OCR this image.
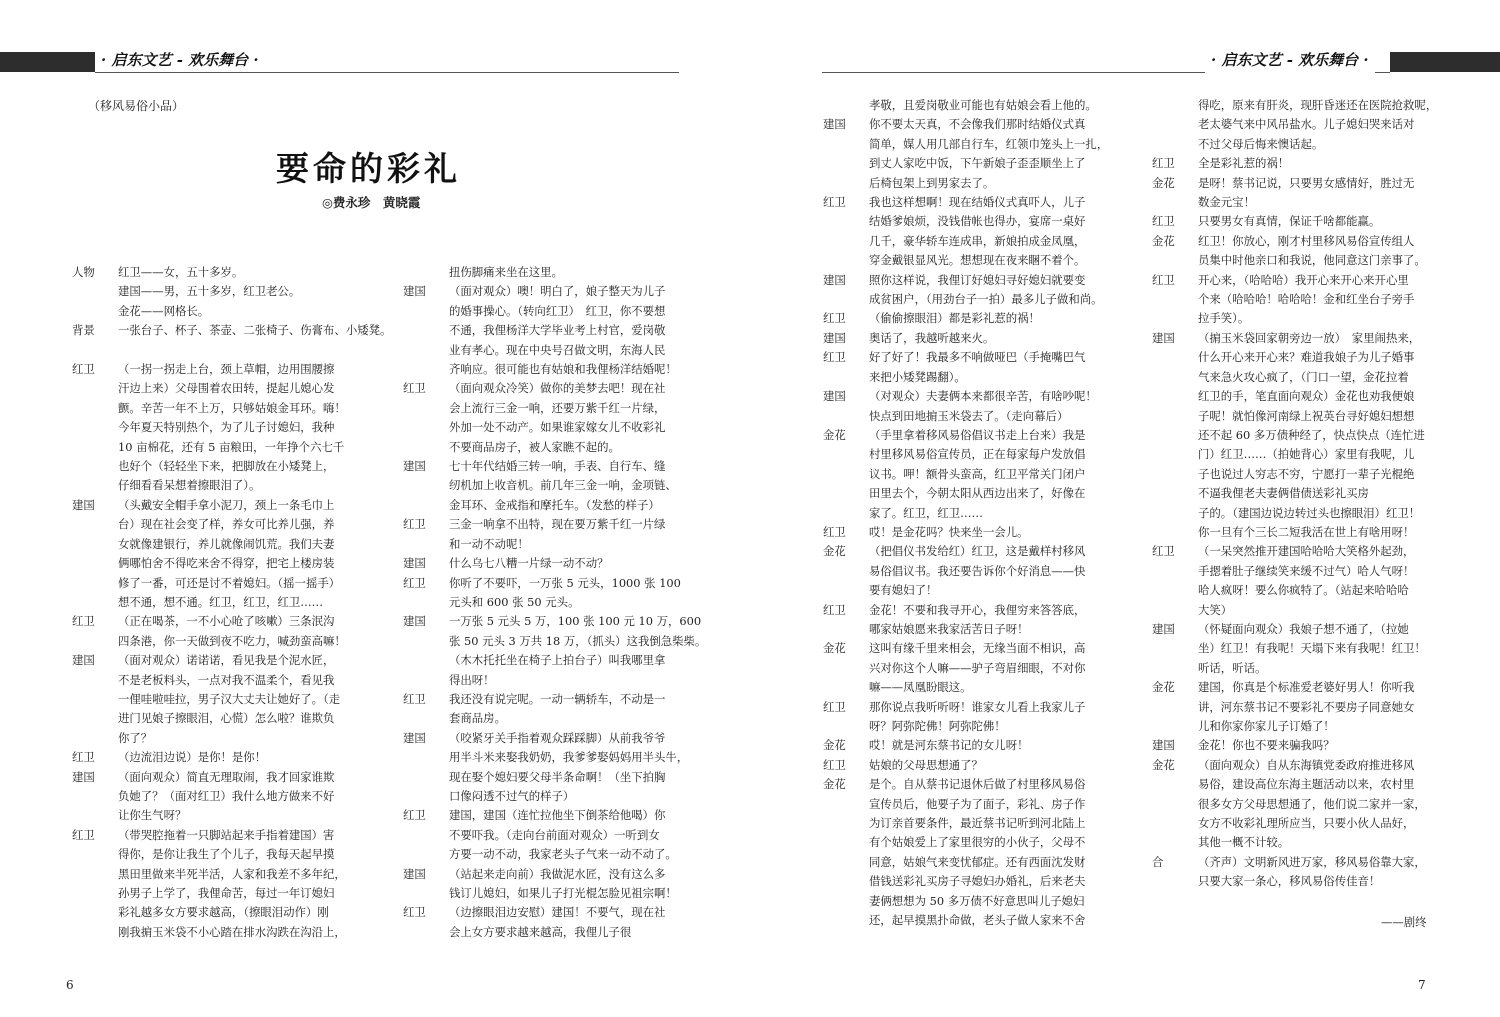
· 启东文艺 - 欢乐舞台 ·
（移风易俗小品）
要命的彩礼
◎费永珍　黄晓霞
人物	红卫——女，五十多岁。
建国——男，五十多岁，红卫老公。
金花——网格长。
背景	一张台子、杯子、茶壶、二张椅子、伤膏布、小矮凳。

红卫	（一拐一拐走上台，颈上草帽，边用围腰擦
汗边上来）父母围着农田转，提起儿媳心发
颤。辛苦一年不上万，只够姑娘金耳环。嗨！
今年夏天特别热个，为了儿子讨媳妇，我种
10 亩棉花，还有 5 亩粮田，一年挣个六七千
也好个（轻轻坐下来，把脚放在小矮凳上，
仔细看看呆想着擦眼泪了）。
建国	（头戴安全帽手拿小泥刀，颈上一条毛巾上
台）现在社会变了样，养女可比养儿强，养
女就像建银行，养儿就像闹饥荒。我们夫妻
俩哪怕舍不得吃来舍不得穿，把宅上楼房装
修了一番，可还是讨不着媳妇。（摇一摇手）
想不通，想不通。红卫，红卫，红卫……
红卫	（正在喝茶，一不小心呛了咳嗽）三条泯沟
四条港，你一天做到夜不吃力，喊劲蛮高嘛！
建国	（面对观众）诺诺诺，看见我是个泥水匠，
不是老板料头，一点对我不温柔个，看见我
一俚哇啦哇拉，男子汉大丈夫让她好了。（走
进门见娘子擦眼泪，心慌）怎么啦？谁欺负
你了？
红卫	（边流泪边说）是你！是你！
建国	（面向观众）简直无理取闹，我才回家谁欺
负她了？（面对红卫）我什么地方做来不好
让你生气呀？
红卫	（带哭腔拖着一只脚站起来手指着建国）害
得你，是你让我生了个儿子，我每天起早摸
黑田里做来半死半活，人家和我差不多年纪，
孙男子上学了，我俚命苦，每过一年订媳妇
彩礼越多女方要求越高，（擦眼泪动作）刚
刚我掮玉米袋不小心踏在排水沟跌在沟沿上，
扭伤脚痛来坐在这里。
建国	（面对观众）噢！明白了，娘子整天为儿子
的婚事操心。（转向红卫）　红卫，你不要想
不通，我俚杨洋大学毕业考上村官，爱岗敬
业有孝心。现在中央号召做文明，东海人民
齐响应。很可能也有姑娘和我俚杨洋结婚呢！
红卫	（面向观众冷笑）做你的美梦去吧！现在社
会上流行三金一响，还要万紫千红一片绿，
外加一处不动产。如果谁家嫁女儿不收彩礼
不要商品房子，被人家瞧不起的。
建国	七十年代结婚三转一响，手表、自行车、缝
纫机加上收音机。前几年三金一响，金项链、
金耳环、金戒指和摩托车。（发愁的样子）
红卫	三金一响拿不出特，现在要万紫千红一片绿
和一动不动呢！
建国	什么乌七八糟一片绿一动不动？
红卫	你听了不要吓，一万张 5 元头，1000 张 100
元头和 600 张 50 元头。
建国	一万张 5 元头 5 万，100 张 100 元 10 万，600
张 50 元头 3 万共 18 万，（抓头）这我倒急柴柴。
（木木托托坐在椅子上拍台子）叫我哪里拿
得出呀！
红卫	我还没有说完呢。一动一辆轿车，不动是一
套商品房。
建国	（咬紧牙关手指着观众踩踩脚）从前我爷爷
用半斗米来娶我奶奶，我爹爹娶妈妈用半头牛，
现在娶个媳妇要父母半条命啊！（坐下拍胸
口像闷透不过气的样子）
红卫	建国，建国（连忙拉他坐下倒茶给他喝）你
不要吓我。（走向台前面对观众）一听到女
方要一动不动，我家老头子气来一动不动了。
建国	（站起来走向前）我做泥水匠，没有这么多
钱订儿媳妇，如果儿子打光棍怎脸见祖宗啊！
红卫	（边擦眼泪边安慰）建国！不要气，现在社
会上女方要求越来越高，我俚儿子很
6
· 启东文艺 - 欢乐舞台 ·
孝敬，且爱岗敬业可能也有姑娘会看上他的。
建国	你不要太天真，不会像我们那时结婚仪式真
简单，媒人用几部自行车，红领巾笼头上一扎，
到丈人家吃中饭，下午新娘子歪歪顺坐上了
后椅包架上到男家去了。
红卫	我也这样想啊！现在结婚仪式真吓人，儿子
结婚爹娘烦，没钱借帐也得办，宴席一桌好
几千，豪华轿车连成串，新娘拍成金凤凰，
穿金戴银显风光。想想现在夜来睏不着个。
建国	照你这样说，我俚订好媳妇寻好媳妇就要变
成贫困户，（用劲台子一拍）最多儿子做和尚。
红卫	（偷偷擦眼泪）都是彩礼惹的祸！
建国	奥话了，我越听越来火。
红卫	好了好了！我最多不响做哑巴（手掩嘴巴气
来把小矮凳踢翻）。
建国	（对观众）夫妻俩本来都很辛苦，有啥吵呢！
快点到田地掮玉米袋去了。（走向幕后）
金花	（手里拿着移风易俗倡议书走上台来）我是
村里移风易俗宣传员，正在每家每户发放倡
议书。呷！额骨头蛮高，红卫平常关门闭户
田里去个，今朝太阳从西边出来了，好像在
家了。红卫，红卫……
红卫	哎！是金花吗？快来坐一会儿。
金花	（把倡仪书发给红）红卫，这是戴样村移风
易俗倡议书。我还要告诉你个好消息——快
要有媳妇了！
红卫	金花！不要和我寻开心，我俚穷来答答底，
哪家姑娘愿来我家活苦日子呀！
金花	这叫有缘千里来相会，无缘当面不相识，高
兴对你这个人嘛——驴子弯眉细眼，不对你
嘛——凤凰盼眼这。
红卫	那你说点我听听呀！谁家女儿看上我家儿子
呀？阿弥陀佛！阿弥陀佛！
金花	哎！就是河东蔡书记的女儿呀！
红卫	姑娘的父母思想通了？
金花	是个。自从蔡书记退休后做了村里移风易俗
宣传员后，他要子为了面子，彩礼、房子作
为订亲首要条件，最近蔡书记听到河北陆上
有个姑娘爱上了家里很穷的小伙子，父母不
同意，姑娘气来变忧郁症。还有西面沈发财
借钱送彩礼买房子寻媳妇办婚礼，后来老夫
妻俩想想为 50 多万债不好意思叫儿子媳妇
还，起早摸黑扑命做，老头子做人家来不舍
得吃，原来有肝炎，现肝昏迷还在医院抢救呢，
老太婆气来中风吊盐水。儿子媳妇哭来话对
不过父母后悔来懊话起。
红卫	全是彩礼惹的祸！
金花	是呀！蔡书记说，只要男女感情好，胜过无
数金元宝！
红卫	只要男女有真情，保证千啥都能赢。
金花	红卫！你放心，刚才村里移风易俗宣传组人
员集中时他亲口和我说，他同意这门亲事了。
红卫	开心来，（哈哈哈）我开心来开心来开心里
个来（哈哈哈！哈哈哈！金和红坐台子旁手
拉手笑）。
建国	（掮玉米袋回家朝旁边一放）　家里闹热来，
什么开心来开心来？难道我娘子为儿子婚事
气来急火攻心疯了，（门口一望，金花拉着
红卫的手，笔直面向观众）金花也劝我便娘
子呢！就怕像河南绿上祝英台寻好媳妇想想
还不起 60 多万债种经了，快点快点（连忙进
门）红卫……（拍她背心）家里有我呢，儿
子也说过人穷志不穷，宁愿打一辈子光棍绝
不逼我俚老夫妻俩借债送彩礼买房
子的。（建国边说边转过头也擦眼泪）红卫！
你一旦有个三长二短我活在世上有啥用呀！
红卫	（一呆突然推开建国哈哈哈大笑格外起劲，
手摁着肚子继续笑来缓不过气）哈人气呀！
哈人疯呀！要么你疯特了。（站起来哈哈哈
大笑）
建国	（怀疑面向观众）我娘子想不通了，（拉她
坐）红卫！有我呢！天塌下来有我呢！红卫！
听话，听话。
金花	建国，你真是个标准爱老婆好男人！你听我
讲，河东蔡书记不要彩礼不要房子同意她女
儿和你家你家儿子订婚了！
建国	金花！你也不要来骗我吗？
金花	（面向观众）自从东海镇党委政府推进移风
易俗，建设高位东海主题活动以来，农村里
很多女方父母思想通了，他们说二家并一家，
女方不收彩礼理所应当，只要小伙人品好，
其他一概不计较。
合	（齐声）文明新风进万家，移风易俗靠大家，
只要大家一条心，移风易俗传佳音！
——剧终
7
